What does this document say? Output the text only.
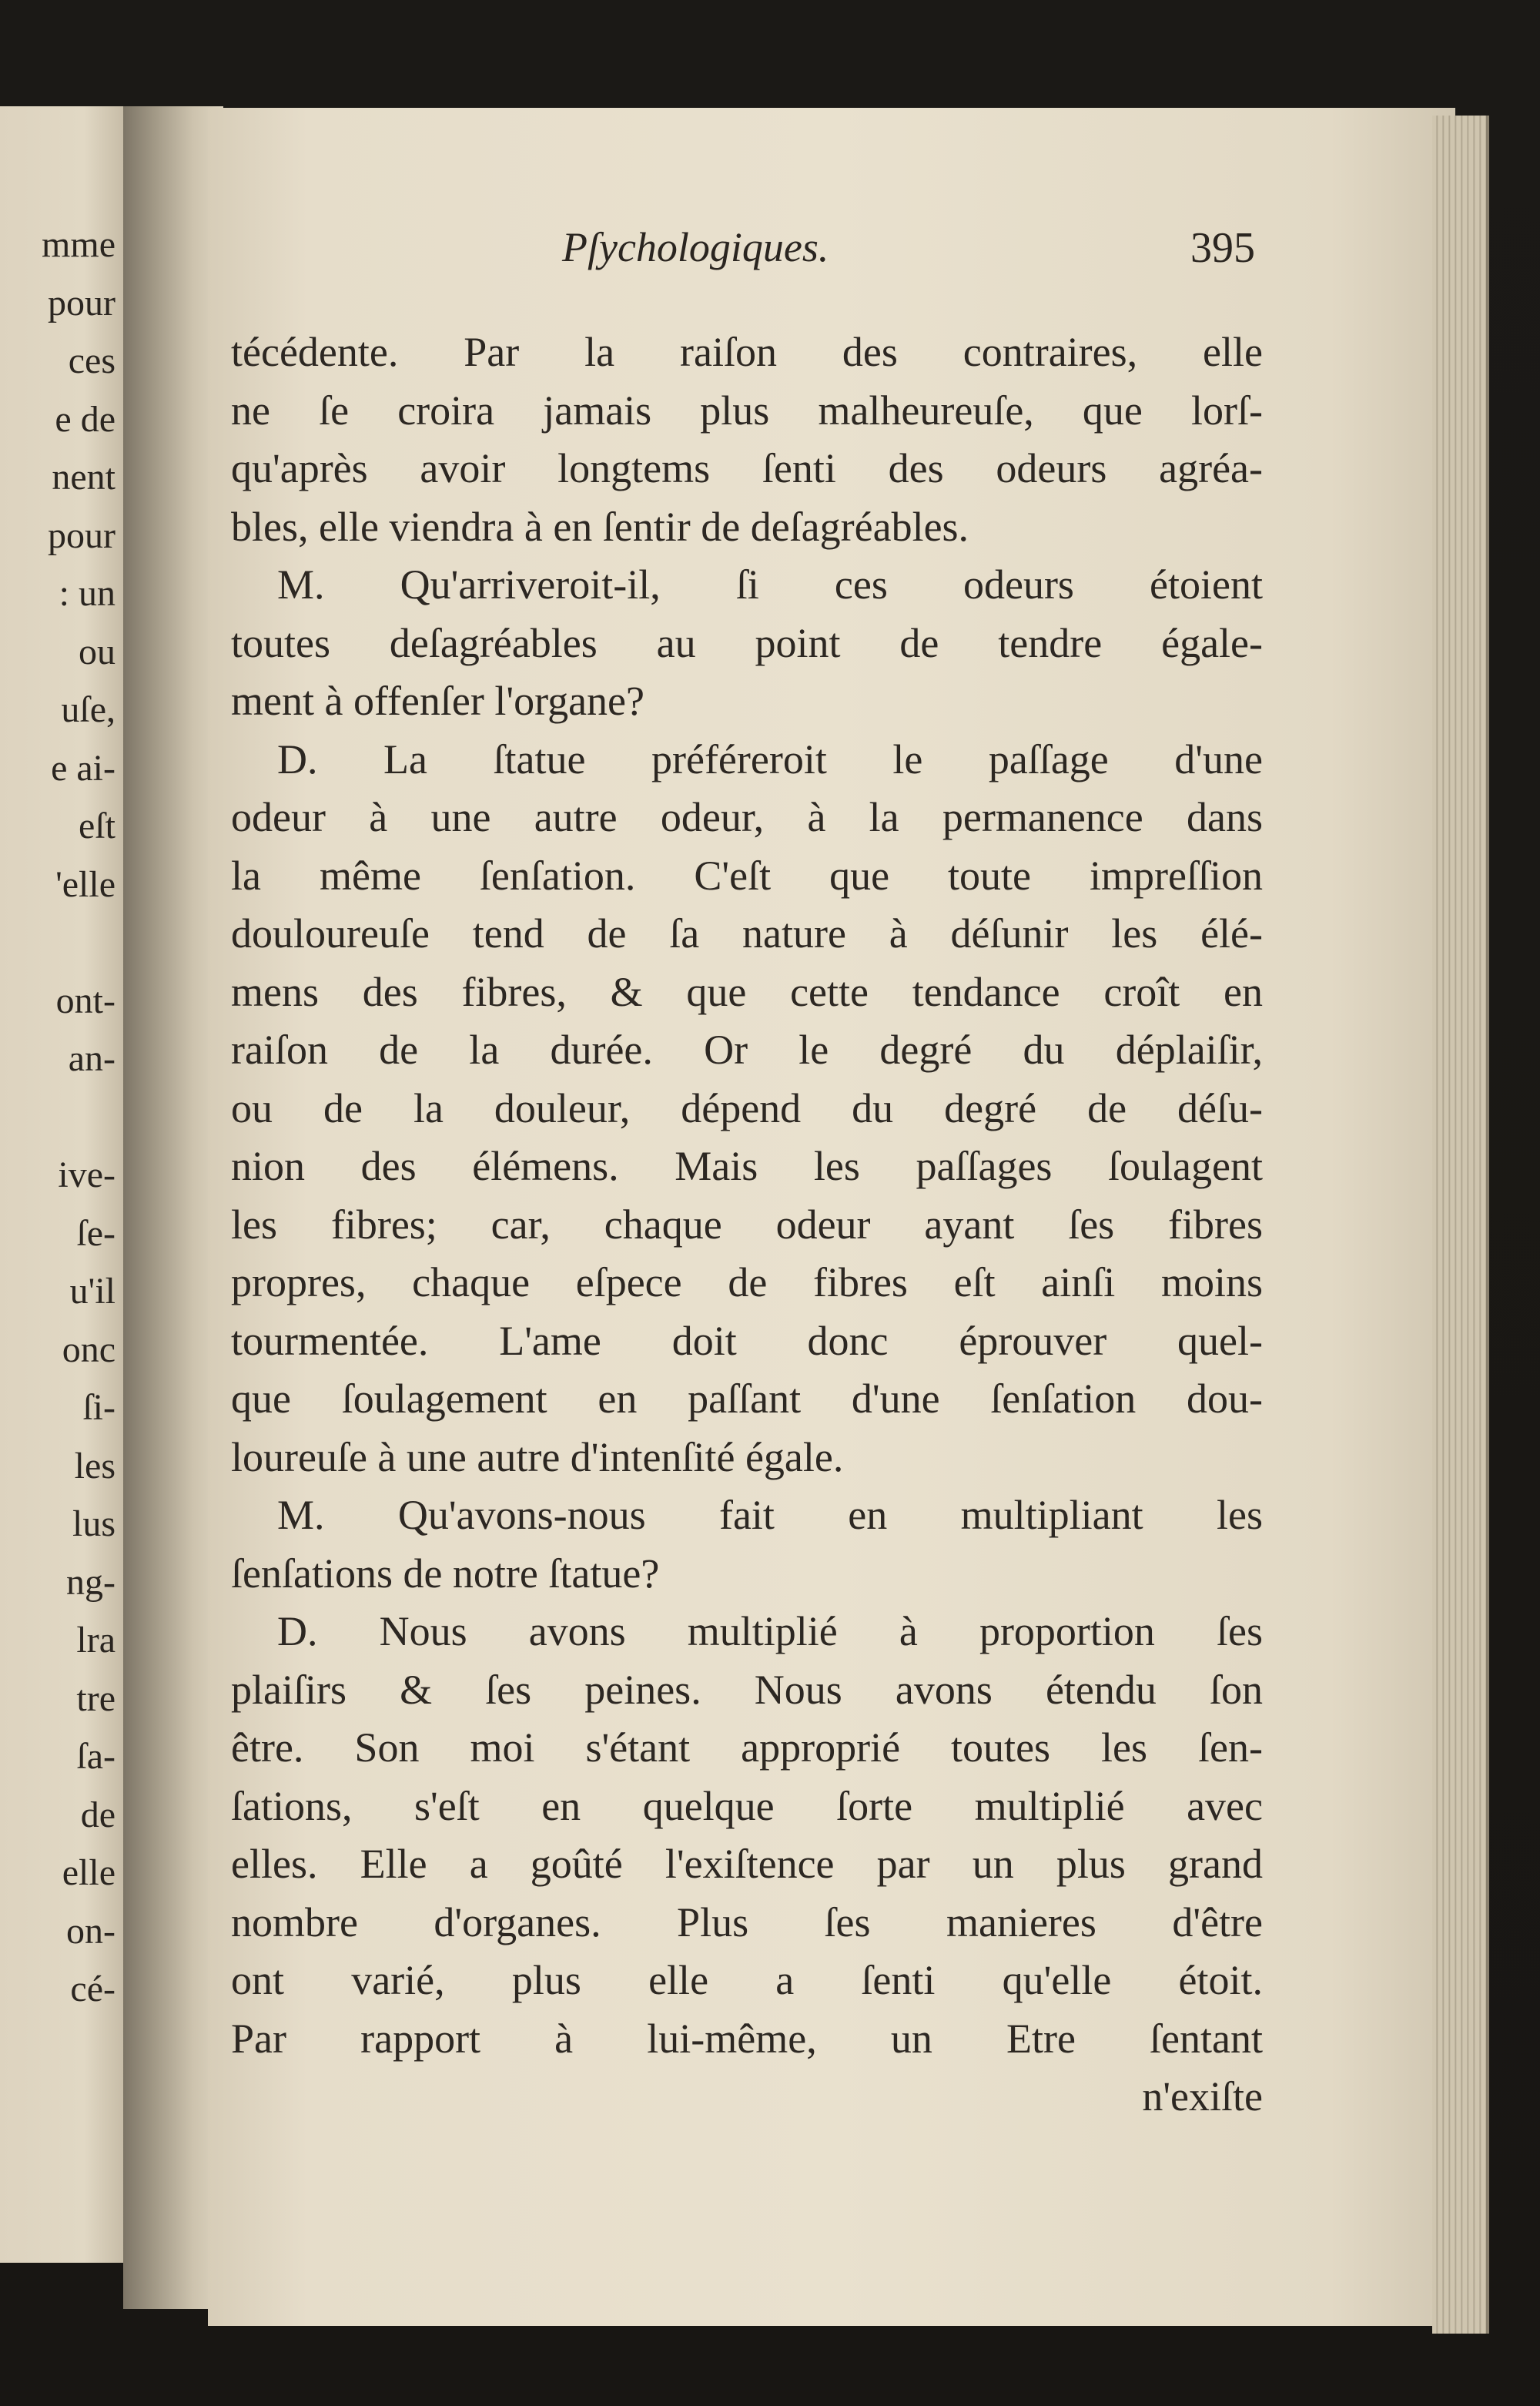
mme
pour
ces
e de
nent
pour
: un
ou
uſe,
e ai-
eſt
'elle
ont-
an-
ive-
ſe-
u'il
onc
ſi-
les
lus
ng-
lra
tre
ſa-
de
elle
on-
cé-
Pſychologiques.	395
técédente. Par la raiſon des contraires, elle
ne ſe croira jamais plus malheureuſe, que lorſ-
qu'après avoir longtems ſenti des odeurs agréa-
bles, elle viendra à en ſentir de deſagréables.
M. Qu'arriveroit-il, ſi ces odeurs étoient
toutes deſagréables au point de tendre égale-
ment à offenſer l'organe?
D. La ſtatue préféreroit le paſſage d'une
odeur à une autre odeur, à la permanence dans
la même ſenſation. C'eſt que toute impreſſion
douloureuſe tend de ſa nature à déſunir les élé-
mens des fibres, & que cette tendance croît en
raiſon de la durée. Or le degré du déplaiſir,
ou de la douleur, dépend du degré de déſu-
nion des élémens. Mais les paſſages ſoulagent
les fibres; car, chaque odeur ayant ſes fibres
propres, chaque eſpece de fibres eſt ainſi moins
tourmentée. L'ame doit donc éprouver quel-
que ſoulagement en paſſant d'une ſenſation dou-
loureuſe à une autre d'intenſité égale.
M. Qu'avons-nous fait en multipliant les
ſenſations de notre ſtatue?
D. Nous avons multiplié à proportion ſes
plaiſirs & ſes peines. Nous avons étendu ſon
être. Son moi s'étant approprié toutes les ſen-
ſations, s'eſt en quelque ſorte multiplié avec
elles. Elle a goûté l'exiſtence par un plus grand
nombre d'organes. Plus ſes manieres d'être
ont varié, plus elle a ſenti qu'elle étoit.
Par rapport à lui-même, un Etre ſentant
n'exiſte
